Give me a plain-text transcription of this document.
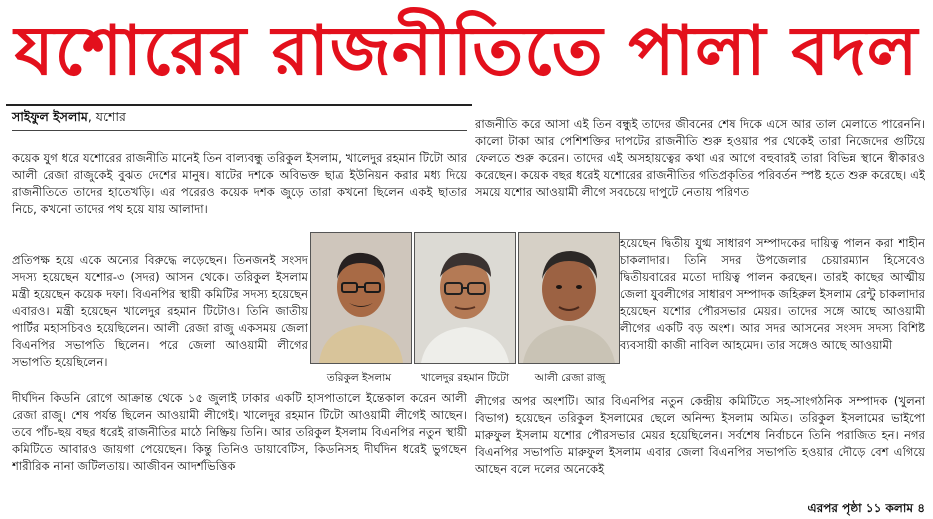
যশোরের রাজনীতিতে পালা বদল
সাইফুল ইসলাম, যশোর
কয়েক যুগ ধরে যশোরের রাজনীতি মানেই তিন বাল্যবন্ধু তরিকুল ইসলাম, খালেদুর রহমান টিটো আর আলী রেজা রাজুকেই বুঝত দেশের মানুষ। ষাটের দশকে অবিভক্ত ছাত্র ইউনিয়ন করার মধ্য দিয়ে রাজনীতিতে তাদের হাতেখড়ি। এর পরেরও কয়েক দশক জুড়ে তারা কখনো ছিলেন একই ছাতার নিচে, কখনো তাদের পথ হয়ে যায় আলাদা।
প্রতিপক্ষ হয়ে একে অন্যের বিরুদ্ধে লড়েছেন। তিনজনই সংসদ সদস্য হয়েছেন যশোর-৩ (সদর) আসন থেকে। তরিকুল ইসলাম মন্ত্রী হয়েছেন কয়েক দফা। বিএনপির স্থায়ী কমিটির সদস্য হয়েছেন এবারও। মন্ত্রী হয়েছেন খালেদুর রহমান টিটোও। তিনি জাতীয় পার্টির মহাসচিবও হয়েছিলেন। আলী রেজা রাজু একসময় জেলা বিএনপির সভাপতি ছিলেন। পরে জেলা আওয়ামী লীগের সভাপতি হয়েছিলেন।
দীর্ঘদিন কিডনি রোগে আক্রান্ত থেকে ১৫ জুলাই ঢাকার একটি হাসপাতালে ইন্তেকাল করেন আলী রেজা রাজু। শেষ পর্যন্ত ছিলেন আওয়ামী লীগেই। খালেদুর রহমান টিটো আওয়ামী লীগেই আছেন। তবে পাঁচ-ছয় বছর ধরেই রাজনীতির মাঠে নিষ্ক্রিয় তিনি। আর তরিকুল ইসলাম বিএনপির নতুন স্থায়ী কমিটিতে আবারও জায়গা পেয়েছেন। কিন্তু তিনিও ডায়াবেটিস, কিডনিসহ দীর্ঘদিন ধরেই ভুগছেন শারীরিক নানা জটিলতায়। আজীবন আদর্শভিত্তিক
রাজনীতি করে আসা এই তিন বন্ধুই তাদের জীবনের শেষ দিকে এসে আর তাল মেলাতে পারেননি। কালো টাকা আর পেশিশক্তির দাপটের রাজনীতি শুরু হওয়ার পর থেকেই তারা নিজেদের গুটিয়ে ফেলতে শুরু করেন। তাদের এই অসহায়ত্বের কথা এর আগে বহুবারই তারা বিভিন্ন স্থানে স্বীকারও করেছেন। কয়েক বছর ধরেই যশোরের রাজনীতির গতিপ্রকৃতির পরিবর্তন স্পষ্ট হতে শুরু করেছে। এই সময়ে যশোর আওয়ামী লীগে সবচেয়ে দাপুটে নেতায় পরিণত
হয়েছেন দ্বিতীয় যুগ্ম সাধারণ সম্পাদকের দায়িত্ব পালন করা শাহীন চাকলাদার। তিনি সদর উপজেলার চেয়ারম্যান হিসেবেও দ্বিতীয়বারের মতো দায়িত্ব পালন করছেন। তারই কাছের আত্মীয় জেলা যুবলীগের সাধারণ সম্পাদক জহিরুল ইসলাম রেন্টু চাকলাদার হয়েছেন যশোর পৌরসভার মেয়র। তাদের সঙ্গে আছে আওয়ামী লীগের একটি বড় অংশ। আর সদর আসনের সংসদ সদস্য বিশিষ্ট ব্যবসায়ী কাজী নাবিল আহমেদ। তার সঙ্গেও আছে আওয়ামী
লীগের অপর অংশটি। আর বিএনপির নতুন কেন্দ্রীয় কমিটিতে সহ-সাংগঠনিক সম্পাদক (খুলনা বিভাগ) হয়েছেন তরিকুল ইসলামের ছেলে অনিন্দ্য ইসলাম অমিত। তরিকুল ইসলামের ভাইপো মারুফুল ইসলাম যশোর পৌরসভার মেয়র হয়েছিলেন। সর্বশেষ নির্বাচনে তিনি পরাজিত হন। নগর বিএনপির সভাপতি মারুফুল ইসলাম এবার জেলা বিএনপির সভাপতি হওয়ার দৌড়ে বেশ এগিয়ে আছেন বলে দলের অনেকেই
এরপর পৃষ্ঠা ১১ কলাম ৪
তরিকুল ইসলাম	খালেদুর রহমান টিটো	আলী রেজা রাজু
